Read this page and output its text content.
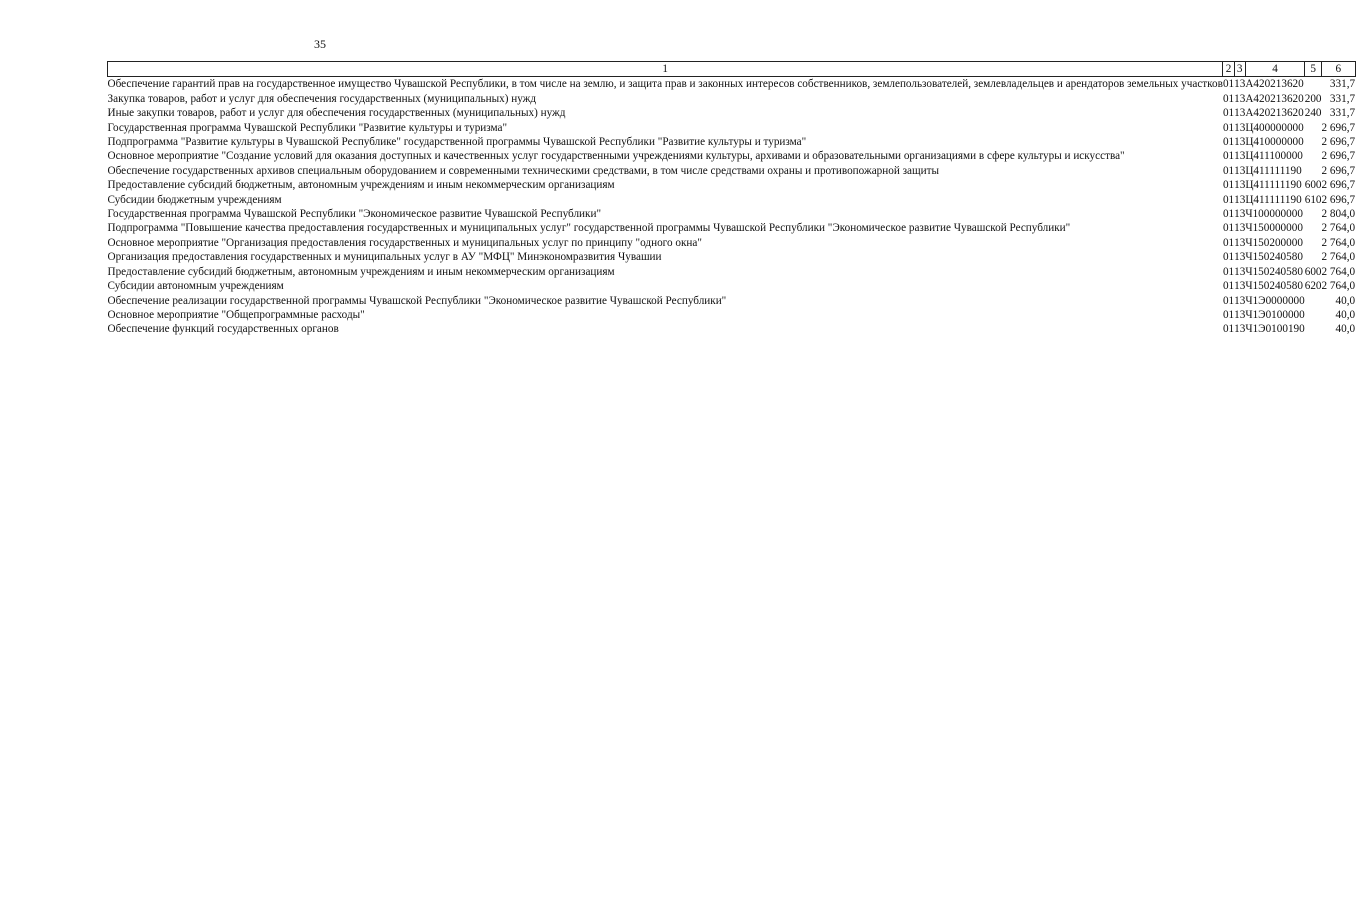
35
1	2	3	4	5	6
Обеспечение гарантий прав на государственное имущество Чувашской Республики, в том числе на землю, и защита прав и законных интересов собственников, землепользователей, землевладельцев и арендаторов земельных участков	01	13	А420213620		331,7
Закупка товаров, работ и услуг для обеспечения государственных (муниципальных) нужд	01	13	А420213620	200	331,7
Иные закупки товаров, работ и услуг для обеспечения государственных (муниципальных) нужд	01	13	А420213620	240	331,7
Государственная программа Чувашской Республики "Развитие культуры и туризма"	01	13	Ц400000000		2 696,7
Подпрограмма "Развитие культуры в Чувашской Республике" государственной программы Чувашской Республики "Развитие культуры и туризма"	01	13	Ц410000000		2 696,7
Основное мероприятие "Создание условий для оказания доступных и качественных услуг государственными учреждениями культуры, архивами и образовательными организациями в сфере культуры и искусства"	01	13	Ц411100000		2 696,7
Обеспечение государственных архивов специальным оборудованием и современными техническими средствами, в том числе средствами охраны и противопожарной защиты	01	13	Ц411111190		2 696,7
Предоставление субсидий бюджетным, автономным учреждениям и иным некоммерческим организациям	01	13	Ц411111190	600	2 696,7
Субсидии бюджетным учреждениям	01	13	Ц411111190	610	2 696,7
Государственная программа Чувашской Республики "Экономическое развитие Чувашской Республики"	01	13	Ч100000000		2 804,0
Подпрограмма "Повышение качества предоставления государственных и муниципальных услуг" государственной программы Чувашской Республики "Экономическое развитие Чувашской Республики"	01	13	Ч150000000		2 764,0
Основное мероприятие "Организация предоставления государственных и муниципальных услуг по принципу "одного окна"	01	13	Ч150200000		2 764,0
Организация предоставления государственных и муниципальных услуг в АУ "МФЦ" Минэкономразвития Чувашии	01	13	Ч150240580		2 764,0
Предоставление субсидий бюджетным, автономным учреждениям и иным некоммерческим организациям	01	13	Ч150240580	600	2 764,0
Субсидии автономным учреждениям	01	13	Ч150240580	620	2 764,0
Обеспечение реализации государственной программы Чувашской Республики "Экономическое развитие Чувашской Республики"	01	13	Ч1Э0000000		40,0
Основное мероприятие "Общепрограммные расходы"	01	13	Ч1Э0100000		40,0
Обеспечение функций государственных органов	01	13	Ч1Э0100190		40,0
